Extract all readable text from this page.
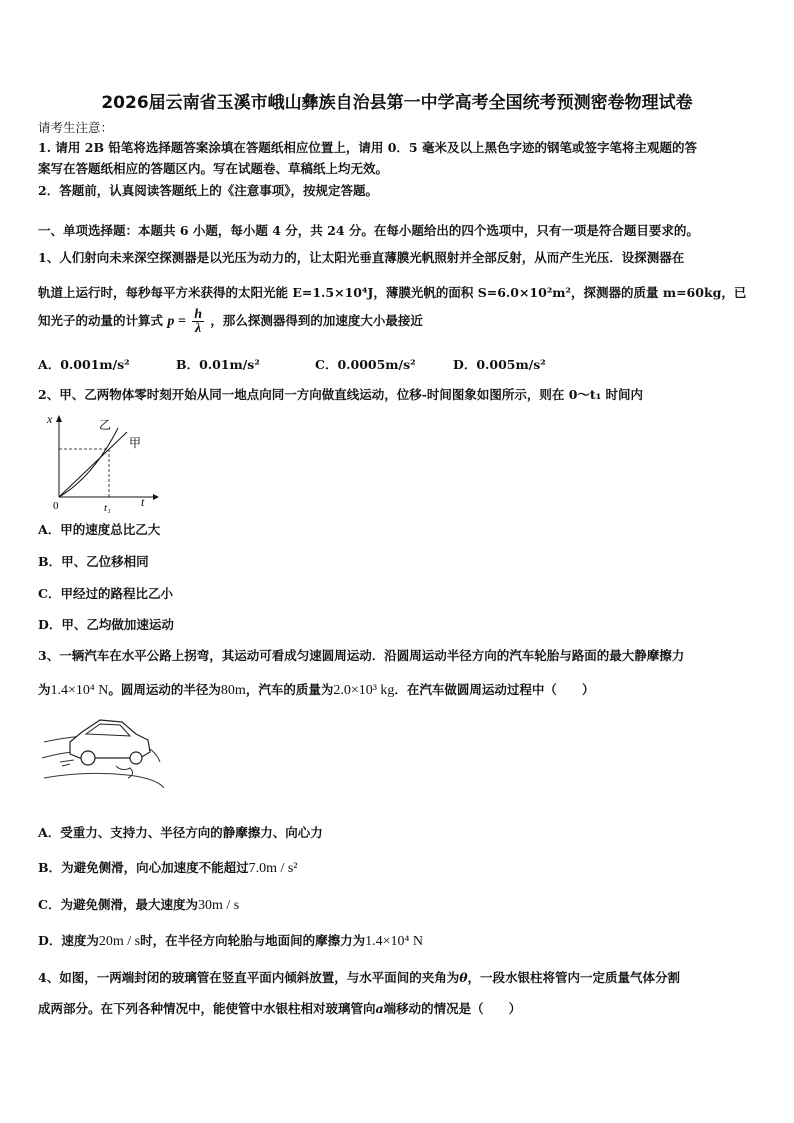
2026届云南省玉溪市峨山彝族自治县第一中学高考全国统考预测密卷物理试卷
请考生注意：
1. 请用 2B 铅笔将选择题答案涂填在答题纸相应位置上，请用 0．5 毫米及以上黑色字迹的钢笔或签字笔将主观题的答
案写在答题纸相应的答题区内。写在试题卷、草稿纸上均无效。
2．答题前，认真阅读答题纸上的《注意事项》，按规定答题。
一、单项选择题：本题共 6 小题，每小题 4 分，共 24 分。在每小题给出的四个选项中，只有一项是符合题目要求的。
1、人们射向未来深空探测器是以光压为动力的，让太阳光垂直薄膜光帆照射并全部反射，从而产生光压．设探测器在
轨道上运行时，每秒每平方米获得的太阳光能 E=1.5×10⁴J，薄膜光帆的面积 S=6.0×10²m²，探测器的质量 m=60kg，已
知光子的动量的计算式 $p = \frac{h}{\lambda}$ ，那么探测器得到的加速度大小最接近
A．0.001m/s²	B．0.01m/s²	C．0.0005m/s²	D．0.005m/s²
2、甲、乙两物体零时刻开始从同一地点向同一方向做直线运动，位移-时间图象如图所示，则在 0～t₁ 时间内
x
t
0	t₁
乙
甲
A．甲的速度总比乙大
B．甲、乙位移相同
C．甲经过的路程比乙小
D．甲、乙均做加速运动
3、一辆汽车在水平公路上拐弯，其运动可看成匀速圆周运动．沿圆周运动半径方向的汽车轮胎与路面的最大静摩擦力
为1.4×10⁴ N。圆周运动的半径为80m，汽车的质量为2.0×10³ kg．在汽车做圆周运动过程中（　　）
A．受重力、支持力、半径方向的静摩擦力、向心力
B．为避免侧滑，向心加速度不能超过7.0m / s²
C．为避免侧滑，最大速度为30m / s
D．速度为20m / s时，在半径方向轮胎与地面间的摩擦力为1.4×10⁴ N
4、如图，一两端封闭的玻璃管在竖直平面内倾斜放置，与水平面间的夹角为θ，一段水银柱将管内一定质量气体分割
成两部分。在下列各种情况中，能使管中水银柱相对玻璃管向a端移动的情况是（　　）
